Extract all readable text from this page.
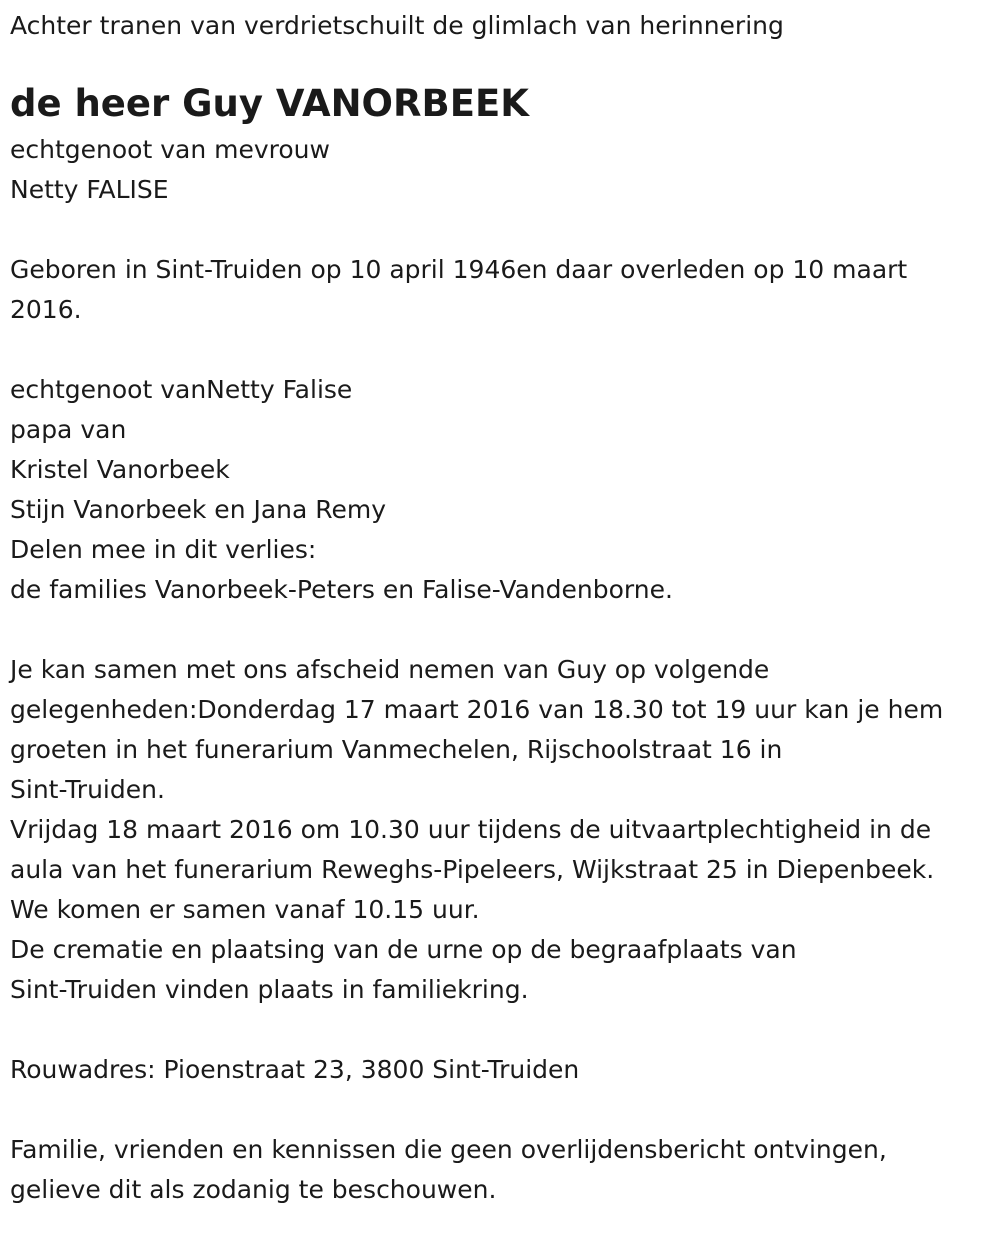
Achter tranen van verdrietschuilt de glimlach van herinnering

de heer Guy VANORBEEK

echtgenoot van mevrouw

Netty FALISE

Geboren in Sint-Truiden op 10 april 1946en daar overleden op 10 maart

2016.

echtgenoot vanNetty Falise

papa van

Kristel Vanorbeek

Stijn Vanorbeek en Jana Remy

Delen mee in dit verlies:

de families Vanorbeek-Peters en Falise-Vandenborne.

Je kan samen met ons afscheid nemen van Guy op volgende

gelegenheden:Donderdag 17 maart 2016 van 18.30 tot 19 uur kan je hem

groeten in het funerarium Vanmechelen, Rijschoolstraat 16 in

Sint-Truiden.

Vrijdag 18 maart 2016 om 10.30 uur tijdens de uitvaartplechtigheid in de

aula van het funerarium Reweghs-Pipeleers, Wijkstraat 25 in Diepenbeek.

We komen er samen vanaf 10.15 uur.

De crematie en plaatsing van de urne op de begraafplaats van

Sint-Truiden vinden plaats in familiekring.

Rouwadres: Pioenstraat 23, 3800 Sint-Truiden

Familie, vrienden en kennissen die geen overlijdensbericht ontvingen,

gelieve dit als zodanig te beschouwen.
